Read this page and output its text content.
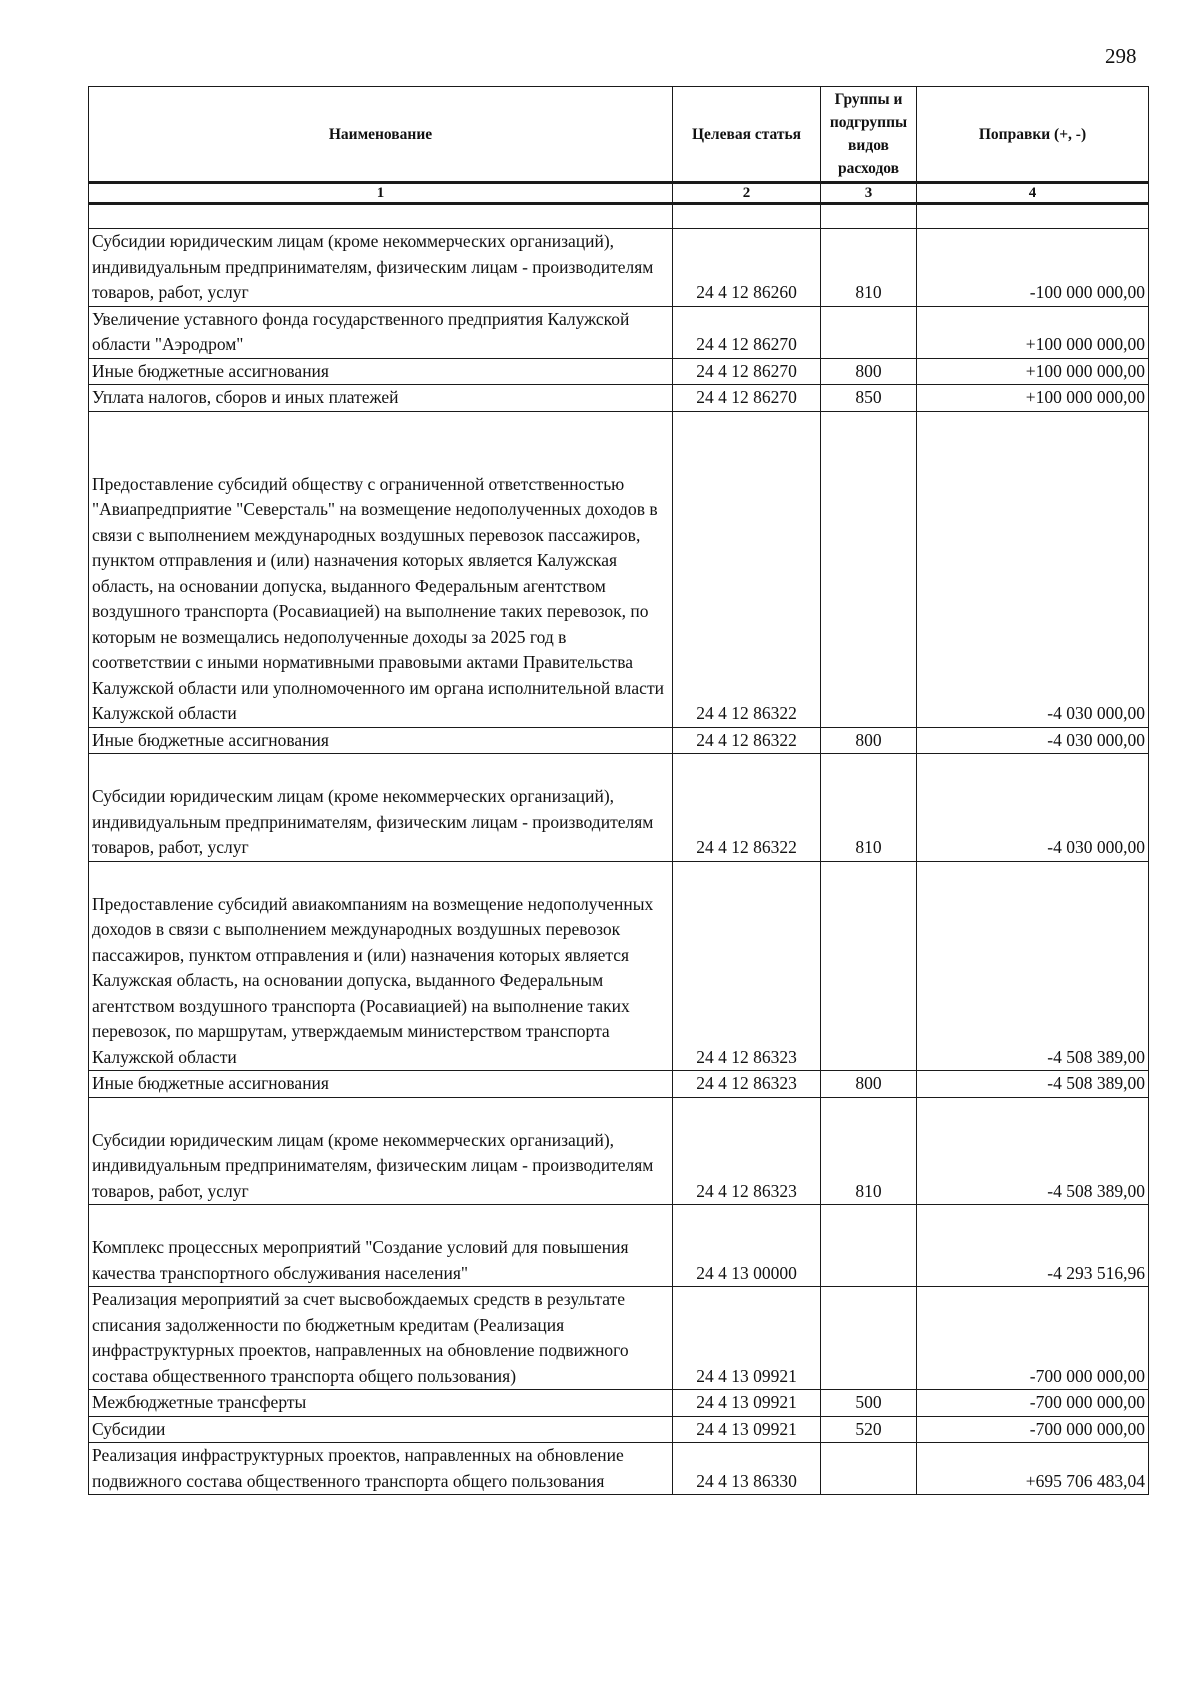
298
Наименование	Целевая статья	Группы и подгруппы видов расходов	Поправки (+, -)
1	2	3	4

Субсидии юридическим лицам (кроме некоммерческих организаций), индивидуальным предпринимателям, физическим лицам - производителям товаров, работ, услуг	24 4 12 86260	810	-100 000 000,00
Увеличение уставного фонда государственного предприятия Калужской области "Аэродром"	24 4 12 86270		+100 000 000,00
Иные бюджетные ассигнования	24 4 12 86270	800	+100 000 000,00
Уплата налогов, сборов и иных платежей	24 4 12 86270	850	+100 000 000,00
Предоставление субсидий обществу с ограниченной ответственностью "Авиапредприятие "Северсталь" на возмещение недополученных доходов в связи с выполнением международных воздушных перевозок пассажиров, пунктом отправления и (или) назначения которых является Калужская область, на основании допуска, выданного Федеральным агентством воздушного транспорта (Росавиацией) на выполнение таких перевозок, по которым не возмещались недополученные доходы за 2025 год в соответствии с иными нормативными правовыми актами Правительства Калужской области или уполномоченного им органа исполнительной власти Калужской области	24 4 12 86322		-4 030 000,00
Иные бюджетные ассигнования	24 4 12 86322	800	-4 030 000,00
Субсидии юридическим лицам (кроме некоммерческих организаций), индивидуальным предпринимателям, физическим лицам - производителям товаров, работ, услуг	24 4 12 86322	810	-4 030 000,00
Предоставление субсидий авиакомпаниям на возмещение недополученных доходов в связи с выполнением международных воздушных перевозок пассажиров, пунктом отправления и (или) назначения которых является Калужская область, на основании допуска, выданного Федеральным агентством воздушного транспорта (Росавиацией) на выполнение таких перевозок, по маршрутам, утверждаемым министерством транспорта Калужской области	24 4 12 86323		-4 508 389,00
Иные бюджетные ассигнования	24 4 12 86323	800	-4 508 389,00
Субсидии юридическим лицам (кроме некоммерческих организаций), индивидуальным предпринимателям, физическим лицам - производителям товаров, работ, услуг	24 4 12 86323	810	-4 508 389,00
Комплекс процессных мероприятий "Создание условий для повышения качества транспортного обслуживания населения"	24 4 13 00000		-4 293 516,96
Реализация мероприятий за счет высвобождаемых средств в результате списания задолженности по бюджетным кредитам (Реализация инфраструктурных проектов, направленных на обновление подвижного состава общественного транспорта общего пользования)	24 4 13 09921		-700 000 000,00
Межбюджетные трансферты	24 4 13 09921	500	-700 000 000,00
Субсидии	24 4 13 09921	520	-700 000 000,00
Реализация инфраструктурных проектов, направленных на обновление подвижного состава общественного транспорта общего пользования	24 4 13 86330		+695 706 483,04
